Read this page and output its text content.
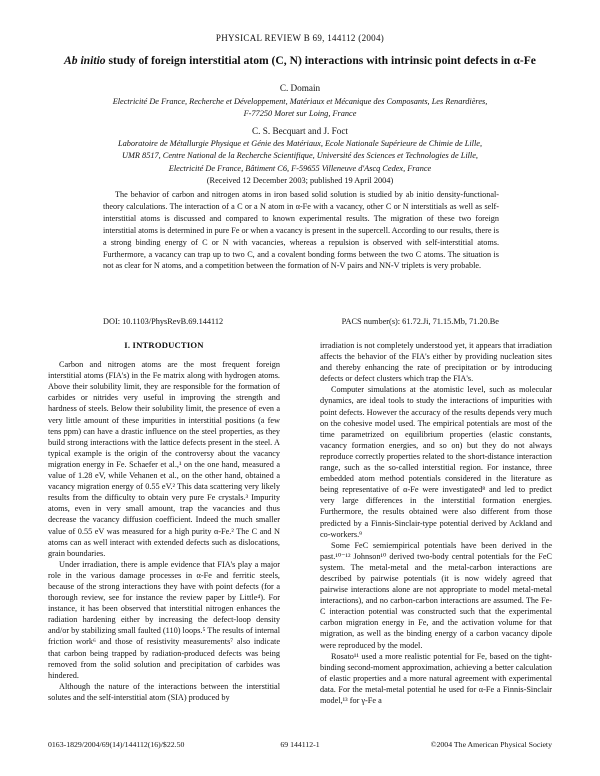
PHYSICAL REVIEW B 69, 144112 (2004)
Ab initio study of foreign interstitial atom (C, N) interactions with intrinsic point defects in α-Fe
C. Domain
Electricité De France, Recherche et Développement, Matériaux et Mécanique des Composants, Les Renardières,
F-77250 Moret sur Loing, France
C. S. Becquart and J. Foct
Laboratoire de Métallurgie Physique et Génie des Matériaux, Ecole Nationale Supérieure de Chimie de Lille,
UMR 8517, Centre National de la Recherche Scientifique, Université des Sciences et Technologies de Lille,
Electricité De France, Bâtiment C6, F-59655 Villeneuve d'Ascq Cedex, France
(Received 12 December 2003; published 19 April 2004)
The behavior of carbon and nitrogen atoms in iron based solid solution is studied by ab initio density-functional-theory calculations. The interaction of a C or a N atom in α-Fe with a vacancy, other C or N interstitials as well as self-interstitial atoms is discussed and compared to known experimental results. The migration of these two foreign interstitial atoms is determined in pure Fe or when a vacancy is present in the supercell. According to our results, there is a strong binding energy of C or N with vacancies, whereas a repulsion is observed with self-interstitial atoms. Furthermore, a vacancy can trap up to two C, and a covalent bonding forms between the two C atoms. The situation is not as clear for N atoms, and a competition between the formation of N-V pairs and NN-V triplets is very probable.
DOI: 10.1103/PhysRevB.69.144112	PACS number(s): 61.72.Ji, 71.15.Mb, 71.20.Be
I. INTRODUCTION

Carbon and nitrogen atoms are the most frequent foreign interstitial atoms (FIA's) in the Fe matrix along with hydrogen atoms. Above their solubility limit, they are responsible for the formation of carbides or nitrides very useful in improving the strength and hardness of steels. Below their solubility limit, the presence of even a very little amount of these impurities in interstitial positions (a few tens ppm) can have a drastic influence on the steel properties, as they build strong interactions with the lattice defects present in the steel. A typical example is the origin of the controversy about the vacancy migration energy in Fe. Schaefer et al.,¹ on the one hand, measured a value of 1.28 eV, while Vehanen et al., on the other hand, obtained a vacancy migration energy of 0.55 eV.² This data scattering very likely results from the difficulty to obtain very pure Fe crystals.³ Impurity atoms, even in very small amount, trap the vacancies and thus decrease the vacancy diffusion coefficient. Indeed the much smaller value of 0.55 eV was measured for a high purity α-Fe.² The C and N atoms can as well interact with extended defects such as dislocations, grain boundaries.

Under irradiation, there is ample evidence that FIA's play a major role in the various damage processes in α-Fe and ferritic steels, because of the strong interactions they have with point defects (for a thorough review, see for instance the review paper by Little⁴). For instance, it has been observed that interstitial nitrogen enhances the radiation hardening either by increasing the defect-loop density and/or by stabilizing small faulted (110) loops.⁵ The results of internal friction work⁶ and those of resistivity measurements⁷ also indicate that carbon being trapped by radiation-produced defects was being removed from the solid solution and precipitation of carbides was hindered.

Although the nature of the interactions between the interstitial solutes and the self-interstitial atom (SIA) produced by

irradiation is not completely understood yet, it appears that irradiation affects the behavior of the FIA's either by providing nucleation sites and thereby enhancing the rate of precipitation or by introducing defects or defect clusters which trap the FIA's.

Computer simulations at the atomistic level, such as molecular dynamics, are ideal tools to study the interactions of impurities with point defects. However the accuracy of the results depends very much on the cohesive model used. The empirical potentials are most of the time parametrized on equilibrium properties (elastic constants, vacancy formation energies, and so on) but they do not always reproduce correctly properties related to the short-distance interaction range, such as the so-called interstitial region. For instance, three embedded atom method potentials considered in the literature as being representative of α-Fe were investigated⁸ and led to predict very large differences in the interstitial formation energies. Furthermore, the results obtained were also different from those predicted by a Finnis-Sinclair-type potential derived by Ackland and co-workers.⁹

Some FeC semiempirical potentials have been derived in the past.¹⁰⁻¹² Johnson¹⁰ derived two-body central potentials for the FeC system. The metal-metal and the metal-carbon interactions are described by pairwise potentials (it is now widely agreed that pairwise interactions alone are not appropriate to model metal-metal interactions), and no carbon-carbon interactions are assumed. The Fe-C interaction potential was constructed such that the experimental carbon migration energy in Fe, and the activation volume for that migration, as well as the binding energy of a carbon vacancy dipole were reproduced by the model.

Rosato¹¹ used a more realistic potential for Fe, based on the tight-binding second-moment approximation, achieving a better calculation of elastic properties and a more natural agreement with experimental data. For the metal-metal potential he used for α-Fe a Finnis-Sinclair model,¹³ for γ-Fe a

0163-1829/2004/69(14)/144112(16)/$22.50	69 144112-1	©2004 The American Physical Society
